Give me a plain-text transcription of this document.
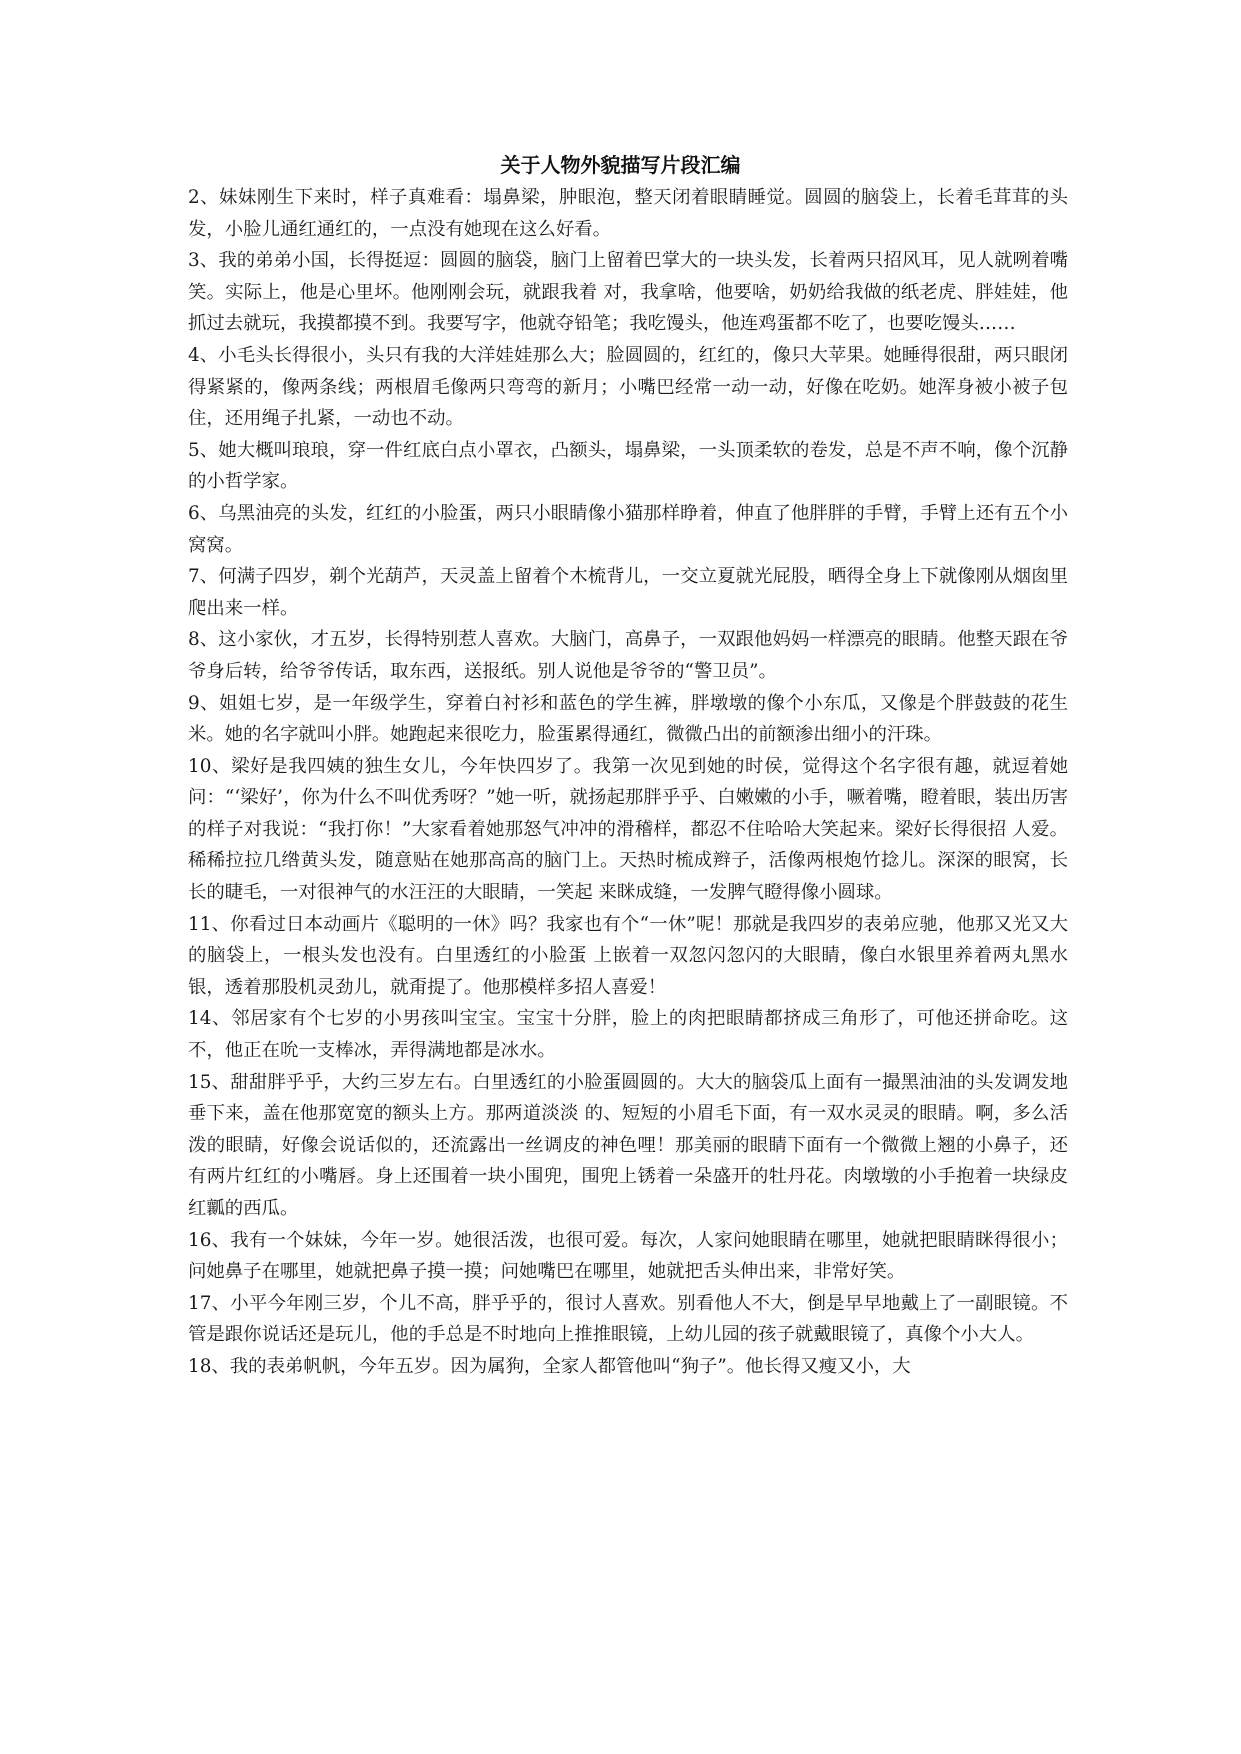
关于人物外貌描写片段汇编

2、妹妹刚生下来时，样子真难看：塌鼻梁，肿眼泡，整天闭着眼睛睡觉。圆圆的脑袋上，长着毛茸茸的头发，小脸儿通红通红的，一点没有她现在这么好看。

3、我的弟弟小国，长得挺逗：圆圆的脑袋，脑门上留着巴掌大的一块头发，长着两只招风耳，见人就咧着嘴笑。实际上，他是心里坏。他刚刚会玩，就跟我着 对，我拿啥，他要啥，奶奶给我做的纸老虎、胖娃娃，他抓过去就玩，我摸都摸不到。我要写字，他就夺铅笔；我吃馒头，他连鸡蛋都不吃了，也要吃馒头……

4、小毛头长得很小，头只有我的大洋娃娃那么大；脸圆圆的，红红的，像只大苹果。她睡得很甜，两只眼闭得紧紧的，像两条线；两根眉毛像两只弯弯的新月；小嘴巴经常一动一动，好像在吃奶。她浑身被小被子包住，还用绳子扎紧，一动也不动。

5、她大概叫琅琅，穿一件红底白点小罩衣，凸额头，塌鼻梁，一头顶柔软的卷发，总是不声不响，像个沉静的小哲学家。

6、乌黑油亮的头发，红红的小脸蛋，两只小眼睛像小猫那样睁着，伸直了他胖胖的手臂，手臂上还有五个小窝窝。

7、何满子四岁，剃个光葫芦，天灵盖上留着个木梳背儿，一交立夏就光屁股，晒得全身上下就像刚从烟囱里爬出来一样。

8、这小家伙，才五岁，长得特别惹人喜欢。大脑门，高鼻子，一双跟他妈妈一样漂亮的眼睛。他整天跟在爷爷身后转，给爷爷传话，取东西，送报纸。别人说他是爷爷的“警卫员”。

9、姐姐七岁，是一年级学生，穿着白衬衫和蓝色的学生裤，胖墩墩的像个小东瓜，又像是个胖鼓鼓的花生米。她的名字就叫小胖。她跑起来很吃力，脸蛋累得通红，微微凸出的前额渗出细小的汗珠。

10、梁好是我四姨的独生女儿，今年快四岁了。我第一次见到她的时侯，觉得这个名字很有趣，就逗着她问：“‘梁好’，你为什么不叫优秀呀？”她一听，就扬起那胖乎乎、白嫩嫩的小手，噘着嘴，瞪着眼，装出历害的样子对我说：“我打你！”大家看着她那怒气冲冲的滑稽样，都忍不住哈哈大笑起来。梁好长得很招 人爱。稀稀拉拉几绺黄头发，随意贴在她那高高的脑门上。天热时梳成辫子，活像两根炮竹捻儿。深深的眼窝，长长的睫毛，一对很神气的水汪汪的大眼睛，一笑起 来眯成缝，一发脾气瞪得像小圆球。

11、你看过日本动画片《聪明的一休》吗？我家也有个“一休”呢！那就是我四岁的表弟应驰，他那又光又大的脑袋上，一根头发也没有。白里透红的小脸蛋 上嵌着一双忽闪忽闪的大眼睛，像白水银里养着两丸黑水银，透着那股机灵劲儿，就甭提了。他那模样多招人喜爱！

14、邻居家有个七岁的小男孩叫宝宝。宝宝十分胖，脸上的肉把眼睛都挤成三角形了，可他还拼命吃。这不，他正在吮一支棒冰，弄得满地都是冰水。

15、甜甜胖乎乎，大约三岁左右。白里透红的小脸蛋圆圆的。大大的脑袋瓜上面有一撮黑油油的头发调发地垂下来，盖在他那宽宽的额头上方。那两道淡淡 的、短短的小眉毛下面，有一双水灵灵的眼睛。啊，多么活泼的眼睛，好像会说话似的，还流露出一丝调皮的神色哩！那美丽的眼睛下面有一个微微上翘的小鼻子，还有两片红红的小嘴唇。身上还围着一块小围兜，围兜上锈着一朵盛开的牡丹花。肉墩墩的小手抱着一块绿皮红瓤的西瓜。

16、我有一个妹妹，今年一岁。她很活泼，也很可爱。每次，人家问她眼睛在哪里，她就把眼睛眯得很小；问她鼻子在哪里，她就把鼻子摸一摸；问她嘴巴在哪里，她就把舌头伸出来，非常好笑。

17、小平今年刚三岁，个儿不高，胖乎乎的，很讨人喜欢。别看他人不大，倒是早早地戴上了一副眼镜。不管是跟你说话还是玩儿，他的手总是不时地向上推推眼镜，上幼儿园的孩子就戴眼镜了，真像个小大人。

18、我的表弟帆帆，今年五岁。因为属狗，全家人都管他叫“狗子”。他长得又瘦又小，大
